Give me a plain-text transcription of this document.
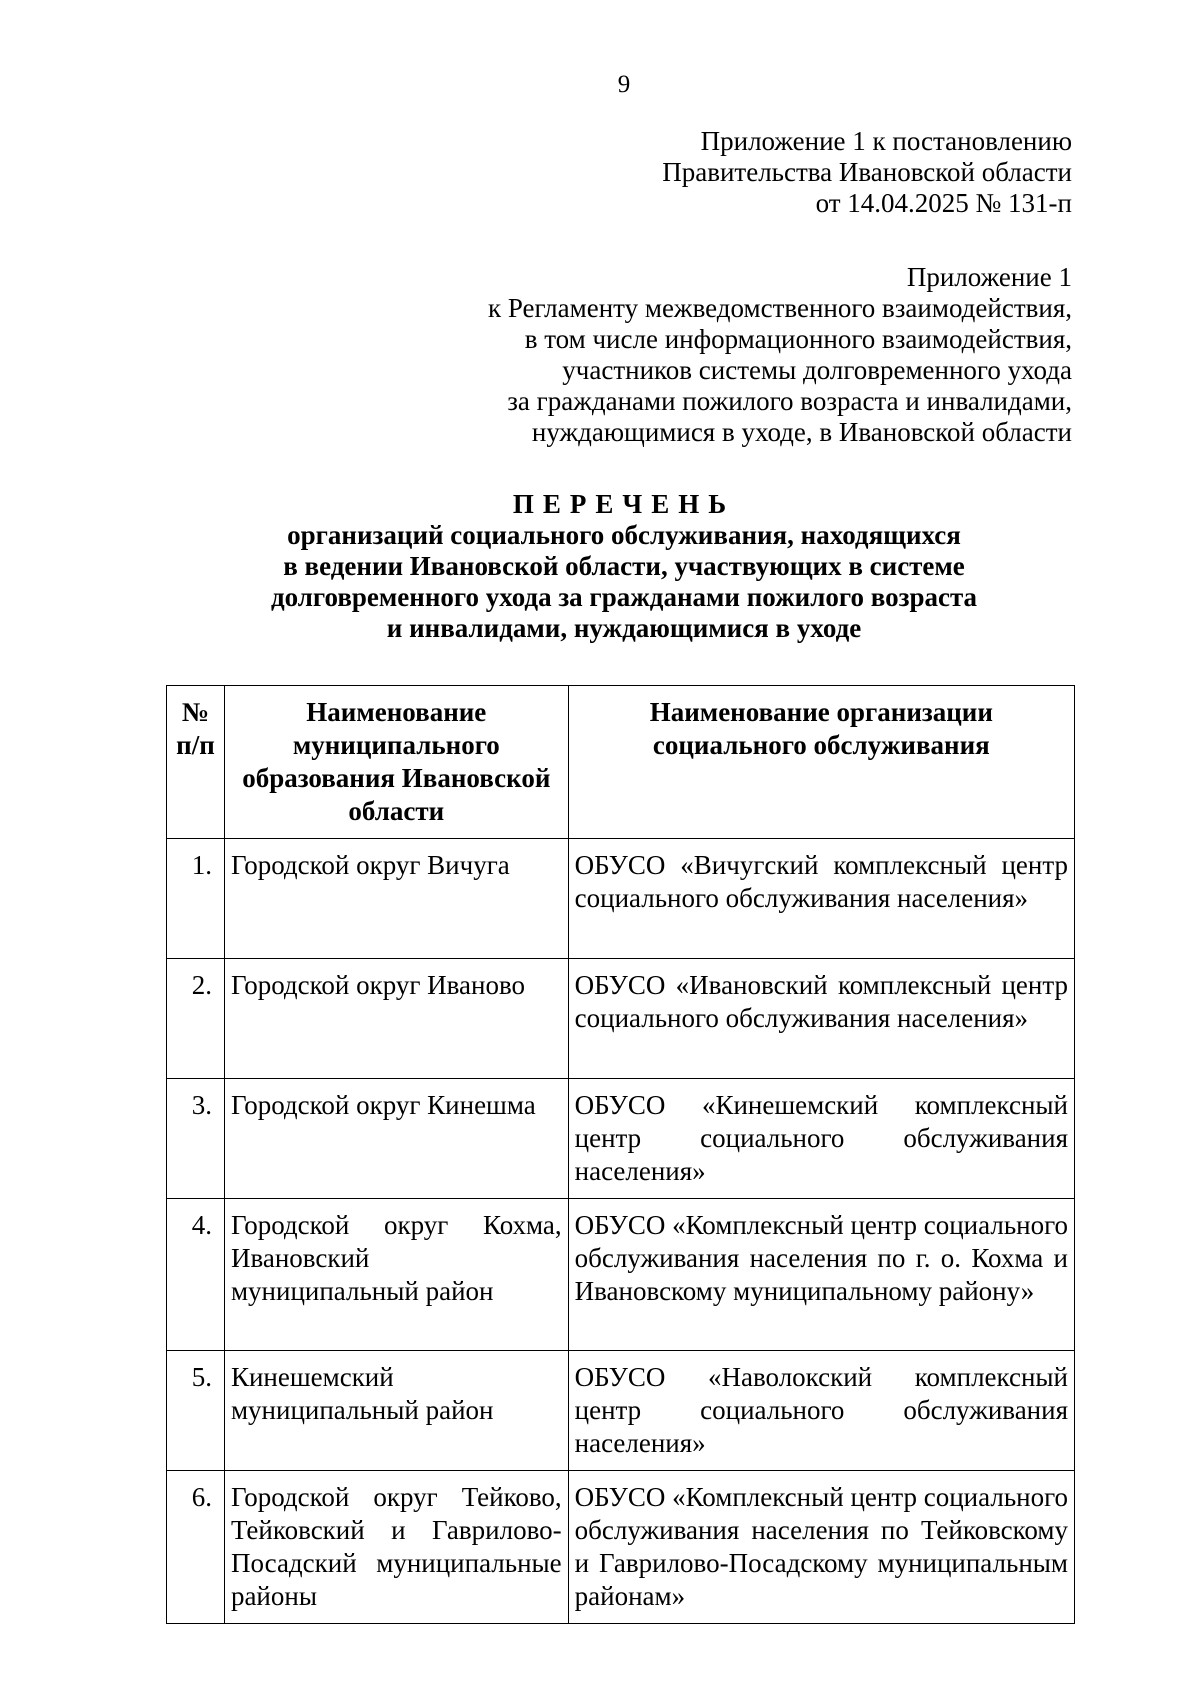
9
Приложение 1 к постановлению
Правительства Ивановской области
от 14.04.2025 № 131-п
Приложение 1
к Регламенту межведомственного взаимодействия,
в том числе информационного взаимодействия,
участников системы долговременного ухода
за гражданами пожилого возраста и инвалидами,
нуждающимися в уходе, в Ивановской области
ПЕРЕЧЕНЬ
организаций социального обслуживания, находящихся
в ведении Ивановской области, участвующих в системе
долговременного ухода за гражданами пожилого возраста
и инвалидами, нуждающимися в уходе
№ п/п	Наименование муниципального образования Ивановской области	Наименование организации социального обслуживания
1.	Городской округ Вичуга	ОБУСО «Вичугский комплексный центр социального обслуживания населения»
2.	Городской округ Иваново	ОБУСО «Ивановский комплексный центр социального обслуживания населения»
3.	Городской округ Кинешма	ОБУСО «Кинешемский комплексный центр социального обслуживания населения»
4.	Городской округ Кохма, Ивановский муниципальный район	ОБУСО «Комплексный центр социального обслуживания населения по г. о. Кохма и Ивановскому муниципальному району»
5.	Кинешемский муниципальный район	ОБУСО «Наволокский комплексный центр социального обслуживания населения»
6.	Городской округ Тейково, Тейковский и Гаврилово-Посадский муниципальные районы	ОБУСО «Комплексный центр социального обслуживания населения по Тейковскому и Гаврилово-Посадскому муниципальным районам»
